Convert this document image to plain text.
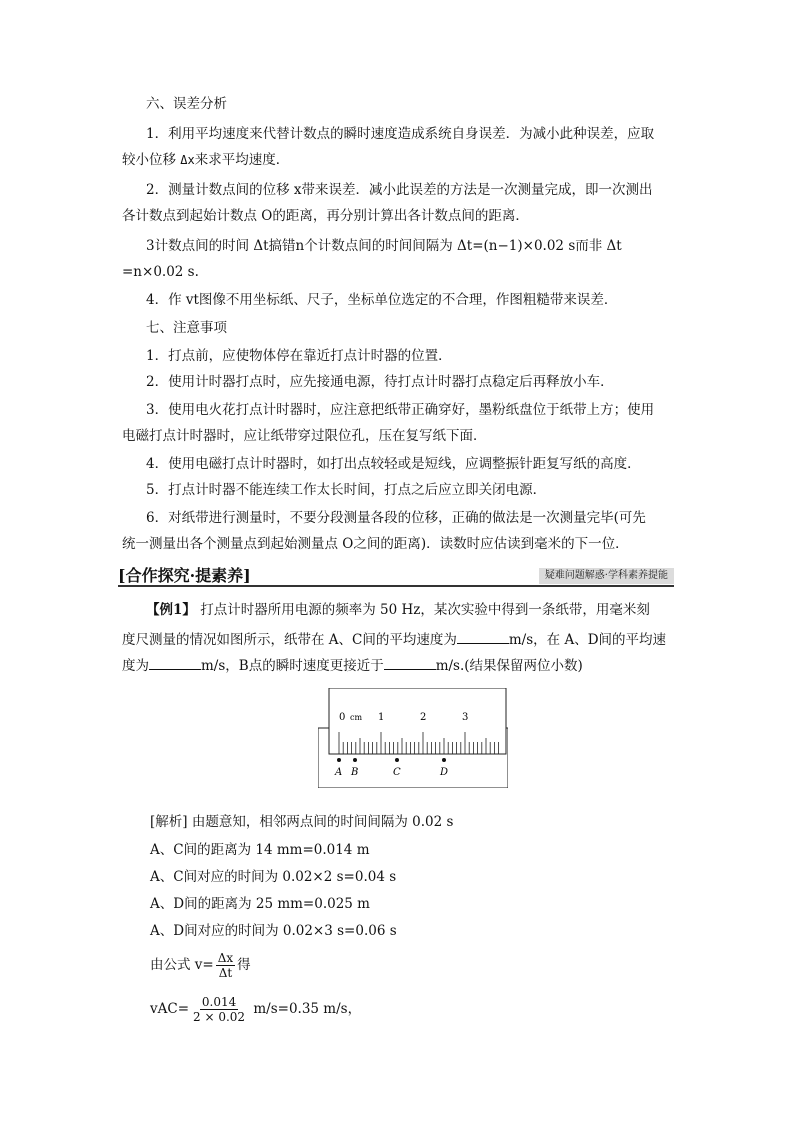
六、误差分析
1．利用平均速度来代替计数点的瞬时速度造成系统自身误差．为减小此种误差，应取
较小位移 Δx来求平均速度．
2．测量计数点间的位移 x带来误差．减小此误差的方法是一次测量完成，即一次测出
各计数点到起始计数点 O的距离，再分别计算出各计数点间的距离．
3计数点间的时间 Δt搞错n个计数点间的时间间隔为 Δt=(n−1)×0.02 s而非 Δt
=n×0.02 s.
4．作 vt图像不用坐标纸、尺子，坐标单位选定的不合理，作图粗糙带来误差．
七、注意事项
1．打点前，应使物体停在靠近打点计时器的位置．
2．使用计时器打点时，应先接通电源，待打点计时器打点稳定后再释放小车．
3．使用电火花打点计时器时，应注意把纸带正确穿好，墨粉纸盘位于纸带上方；使用
电磁打点计时器时，应让纸带穿过限位孔，压在复写纸下面．
4．使用电磁打点计时器时，如打出点较轻或是短线，应调整振针距复写纸的高度．
5．打点计时器不能连续工作太长时间，打点之后应立即关闭电源．
6．对纸带进行测量时，不要分段测量各段的位移，正确的做法是一次测量完毕(可先
统一测量出各个测量点到起始测量点 O之间的距离)．读数时应估读到毫米的下一位．
[合作探究·提素养]	疑难问题解惑·学科素养提能
【例1】 打点计时器所用电源的频率为 50 Hz，某次实验中得到一条纸带，用毫米刻
度尺测量的情况如图所示，纸带在 A、C间的平均速度为	m/s，在 A、D间的平均速
度为	m/s，B点的瞬时速度更接近于	m/s.(结果保留两位小数)
0 cm 1	2	3
A B	C	D
[解析] 由题意知，相邻两点间的时间间隔为 0.02 s
A、C间的距离为 14 mm=0.014 m
A、C间对应的时间为 0.02×2 s=0.04 s
A、D间的距离为 25 mm=0.025 m
A、D间对应的时间为 0.02×3 s=0.06 s
由公式 $v= \frac{\Delta x}{\Delta t}$ 得
$vAC= \frac{0.014}{2 \times 0.02} m/s=0.35$ m/s，
